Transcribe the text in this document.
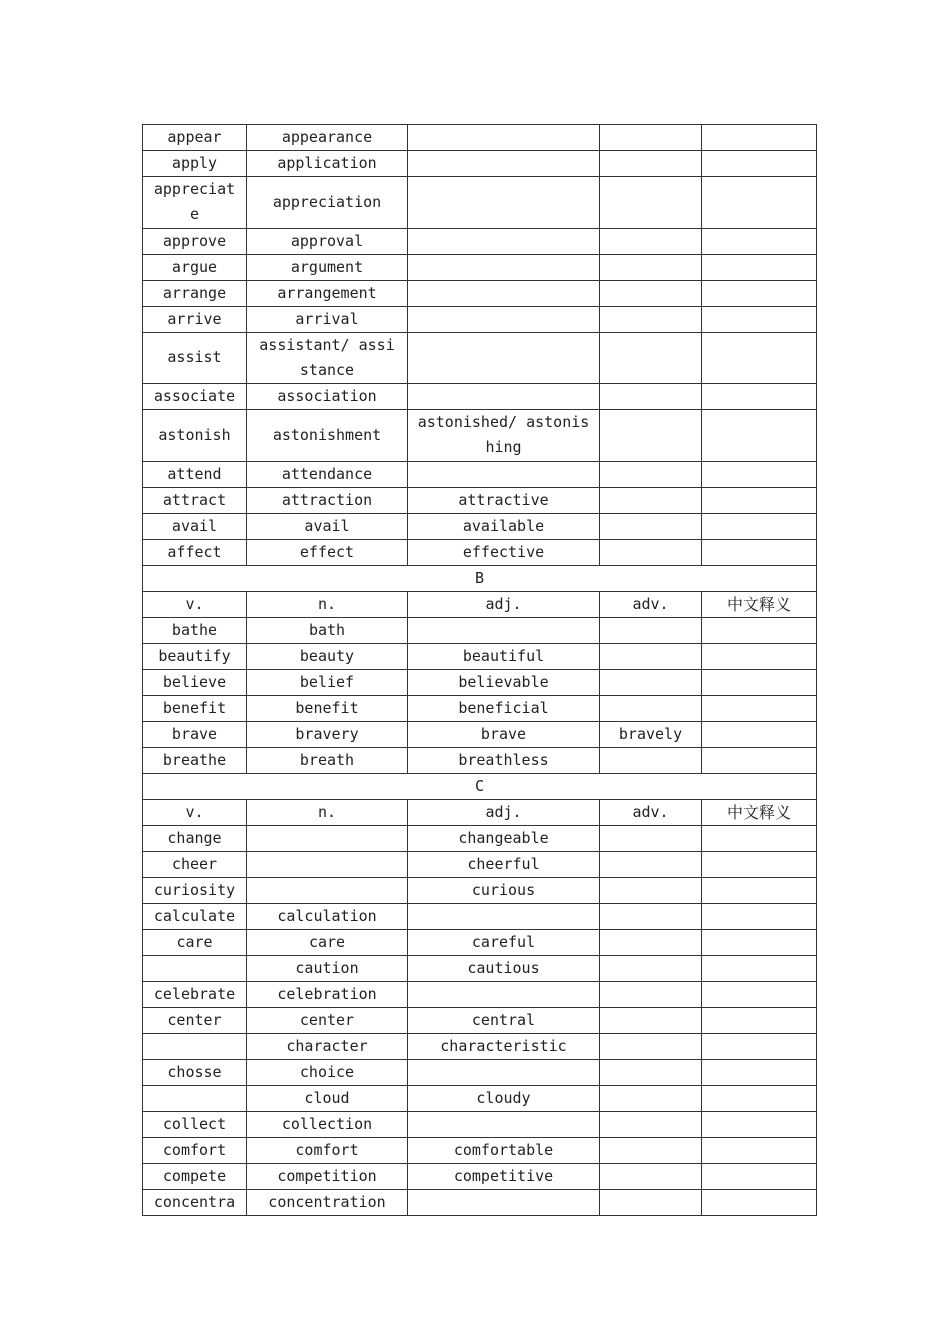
appear	appearance			
apply	application			
appreciate	appreciation			
approve	approval			
argue	argument			
arrange	arrangement			
arrive	arrival			
assist	assistant/ assistance			
associate	association			
astonish	astonishment	astonished/ astonishing		
attend	attendance			
attract	attraction	attractive		
avail	avail	available		
affect	effect	effective		
B				
v.	n.	adj.	adv.	中文释义
bathe	bath			
beautify	beauty	beautiful		
believe	belief	believable		
benefit	benefit	beneficial		
brave	bravery	brave	bravely	
breathe	breath	breathless		
C				
v.	n.	adj.	adv.	中文释义
change		changeable		
cheer		cheerful		
curiosity		curious		
calculate	calculation			
care	care	careful		
	caution	cautious		
celebrate	celebration			
center	center	central		
	character	characteristic		
chosse	choice			
	cloud	cloudy		
collect	collection			
comfort	comfort	comfortable		
compete	competition	competitive		
concentra	concentration			
